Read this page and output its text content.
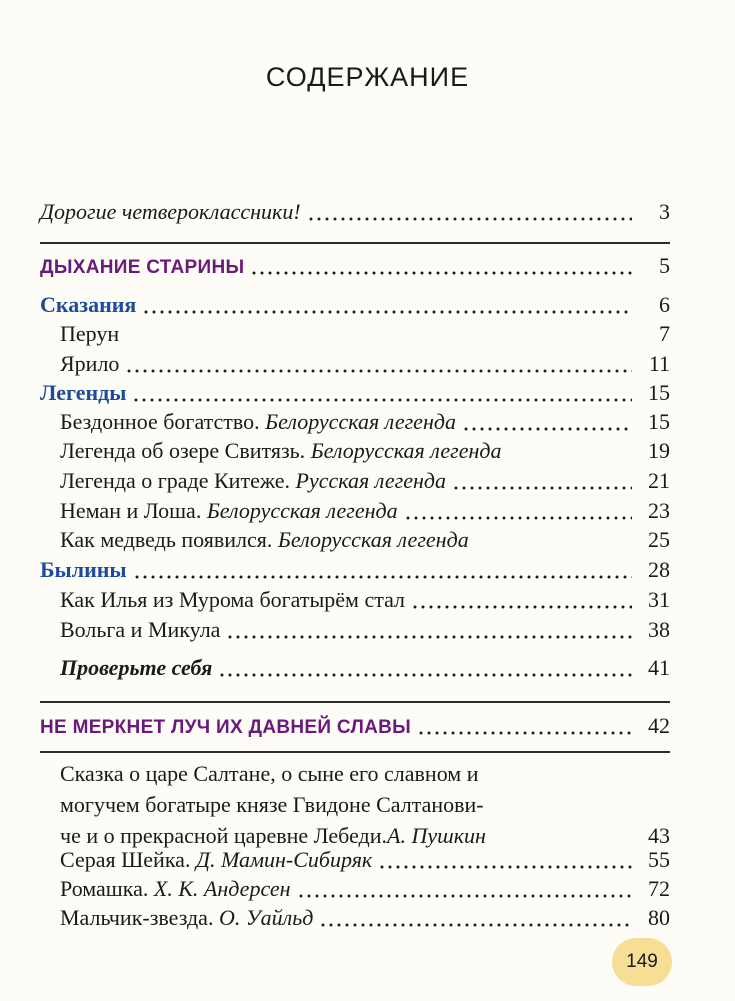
СОДЕРЖАНИЕ
Дорогие четвероклассники!	3
ДЫХАНИЕ СТАРИНЫ	5
Сказания	6
Перун	7
Ярило	11
Легенды	15
Бездонное богатство. Белорусская легенда	15
Легенда об озере Свитязь. Белорусская легенда	19
Легенда о граде Китеже. Русская легенда	21
Неман и Лоша. Белорусская легенда	23
Как медведь появился. Белорусская легенда	25
Былины	28
Как Илья из Мурома богатырём стал	31
Вольга и Микула	38
Проверьте себя	41
НЕ МЕРКНЕТ ЛУЧ ИХ ДАВНЕЙ СЛАВЫ	42
Сказка о царе Салтане, о сыне его славном и
могучем богатыре князе Гвидоне Салтанови-
че и о прекрасной царевне Лебеди. А. Пушкин	43
Серая Шейка. Д. Мамин-Сибиряк	55
Ромашка. Х. К. Андерсен	72
Мальчик-звезда. О. Уайльд	80
149
